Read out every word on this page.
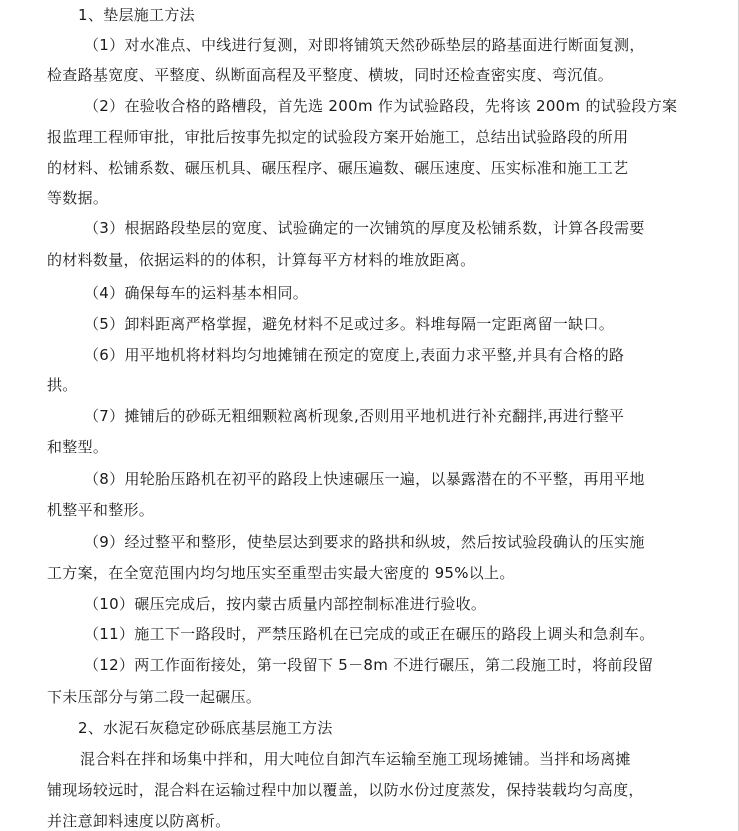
1、垫层施工方法
（1）对水准点、中线进行复测，对即将铺筑天然砂砾垫层的路基面进行断面复测，
检查路基宽度、平整度、纵断面高程及平整度、横坡，同时还检查密实度、弯沉值。
（2）在验收合格的路槽段，首先选 200m 作为试验路段，先将该 200m 的试验段方案
报监理工程师审批，审批后按事先拟定的试验段方案开始施工，总结出试验路段的所用
的材料、松铺系数、碾压机具、碾压程序、碾压遍数、碾压速度、压实标准和施工工艺
等数据。
（3）根据路段垫层的宽度、试验确定的一次铺筑的厚度及松铺系数，计算各段需要
的材料数量，依据运料的的体积，计算每平方材料的堆放距离。
（4）确保每车的运料基本相同。
（5）卸料距离严格掌握，避免材料不足或过多。料堆每隔一定距离留一缺口。
（6）用平地机将材料均匀地摊铺在预定的宽度上,表面力求平整,并具有合格的路
拱。
（7）摊铺后的砂砾无粗细颗粒离析现象,否则用平地机进行补充翻拌,再进行整平
和整型。
（8）用轮胎压路机在初平的路段上快速碾压一遍，以暴露潜在的不平整，再用平地
机整平和整形。
（9）经过整平和整形，使垫层达到要求的路拱和纵坡，然后按试验段确认的压实施
工方案，在全宽范围内均匀地压实至重型击实最大密度的 95%以上。
（10）碾压完成后，按内蒙古质量内部控制标准进行验收。
（11）施工下一路段时，严禁压路机在已完成的或正在碾压的路段上调头和急刹车。
（12）两工作面衔接处，第一段留下 5－8m 不进行碾压，第二段施工时，将前段留
下未压部分与第二段一起碾压。
2、水泥石灰稳定砂砾底基层施工方法
混合料在拌和场集中拌和，用大吨位自卸汽车运输至施工现场摊铺。当拌和场离摊
铺现场较远时，混合料在运输过程中加以覆盖，以防水份过度蒸发，保持装载均匀高度，
并注意卸料速度以防离析。
